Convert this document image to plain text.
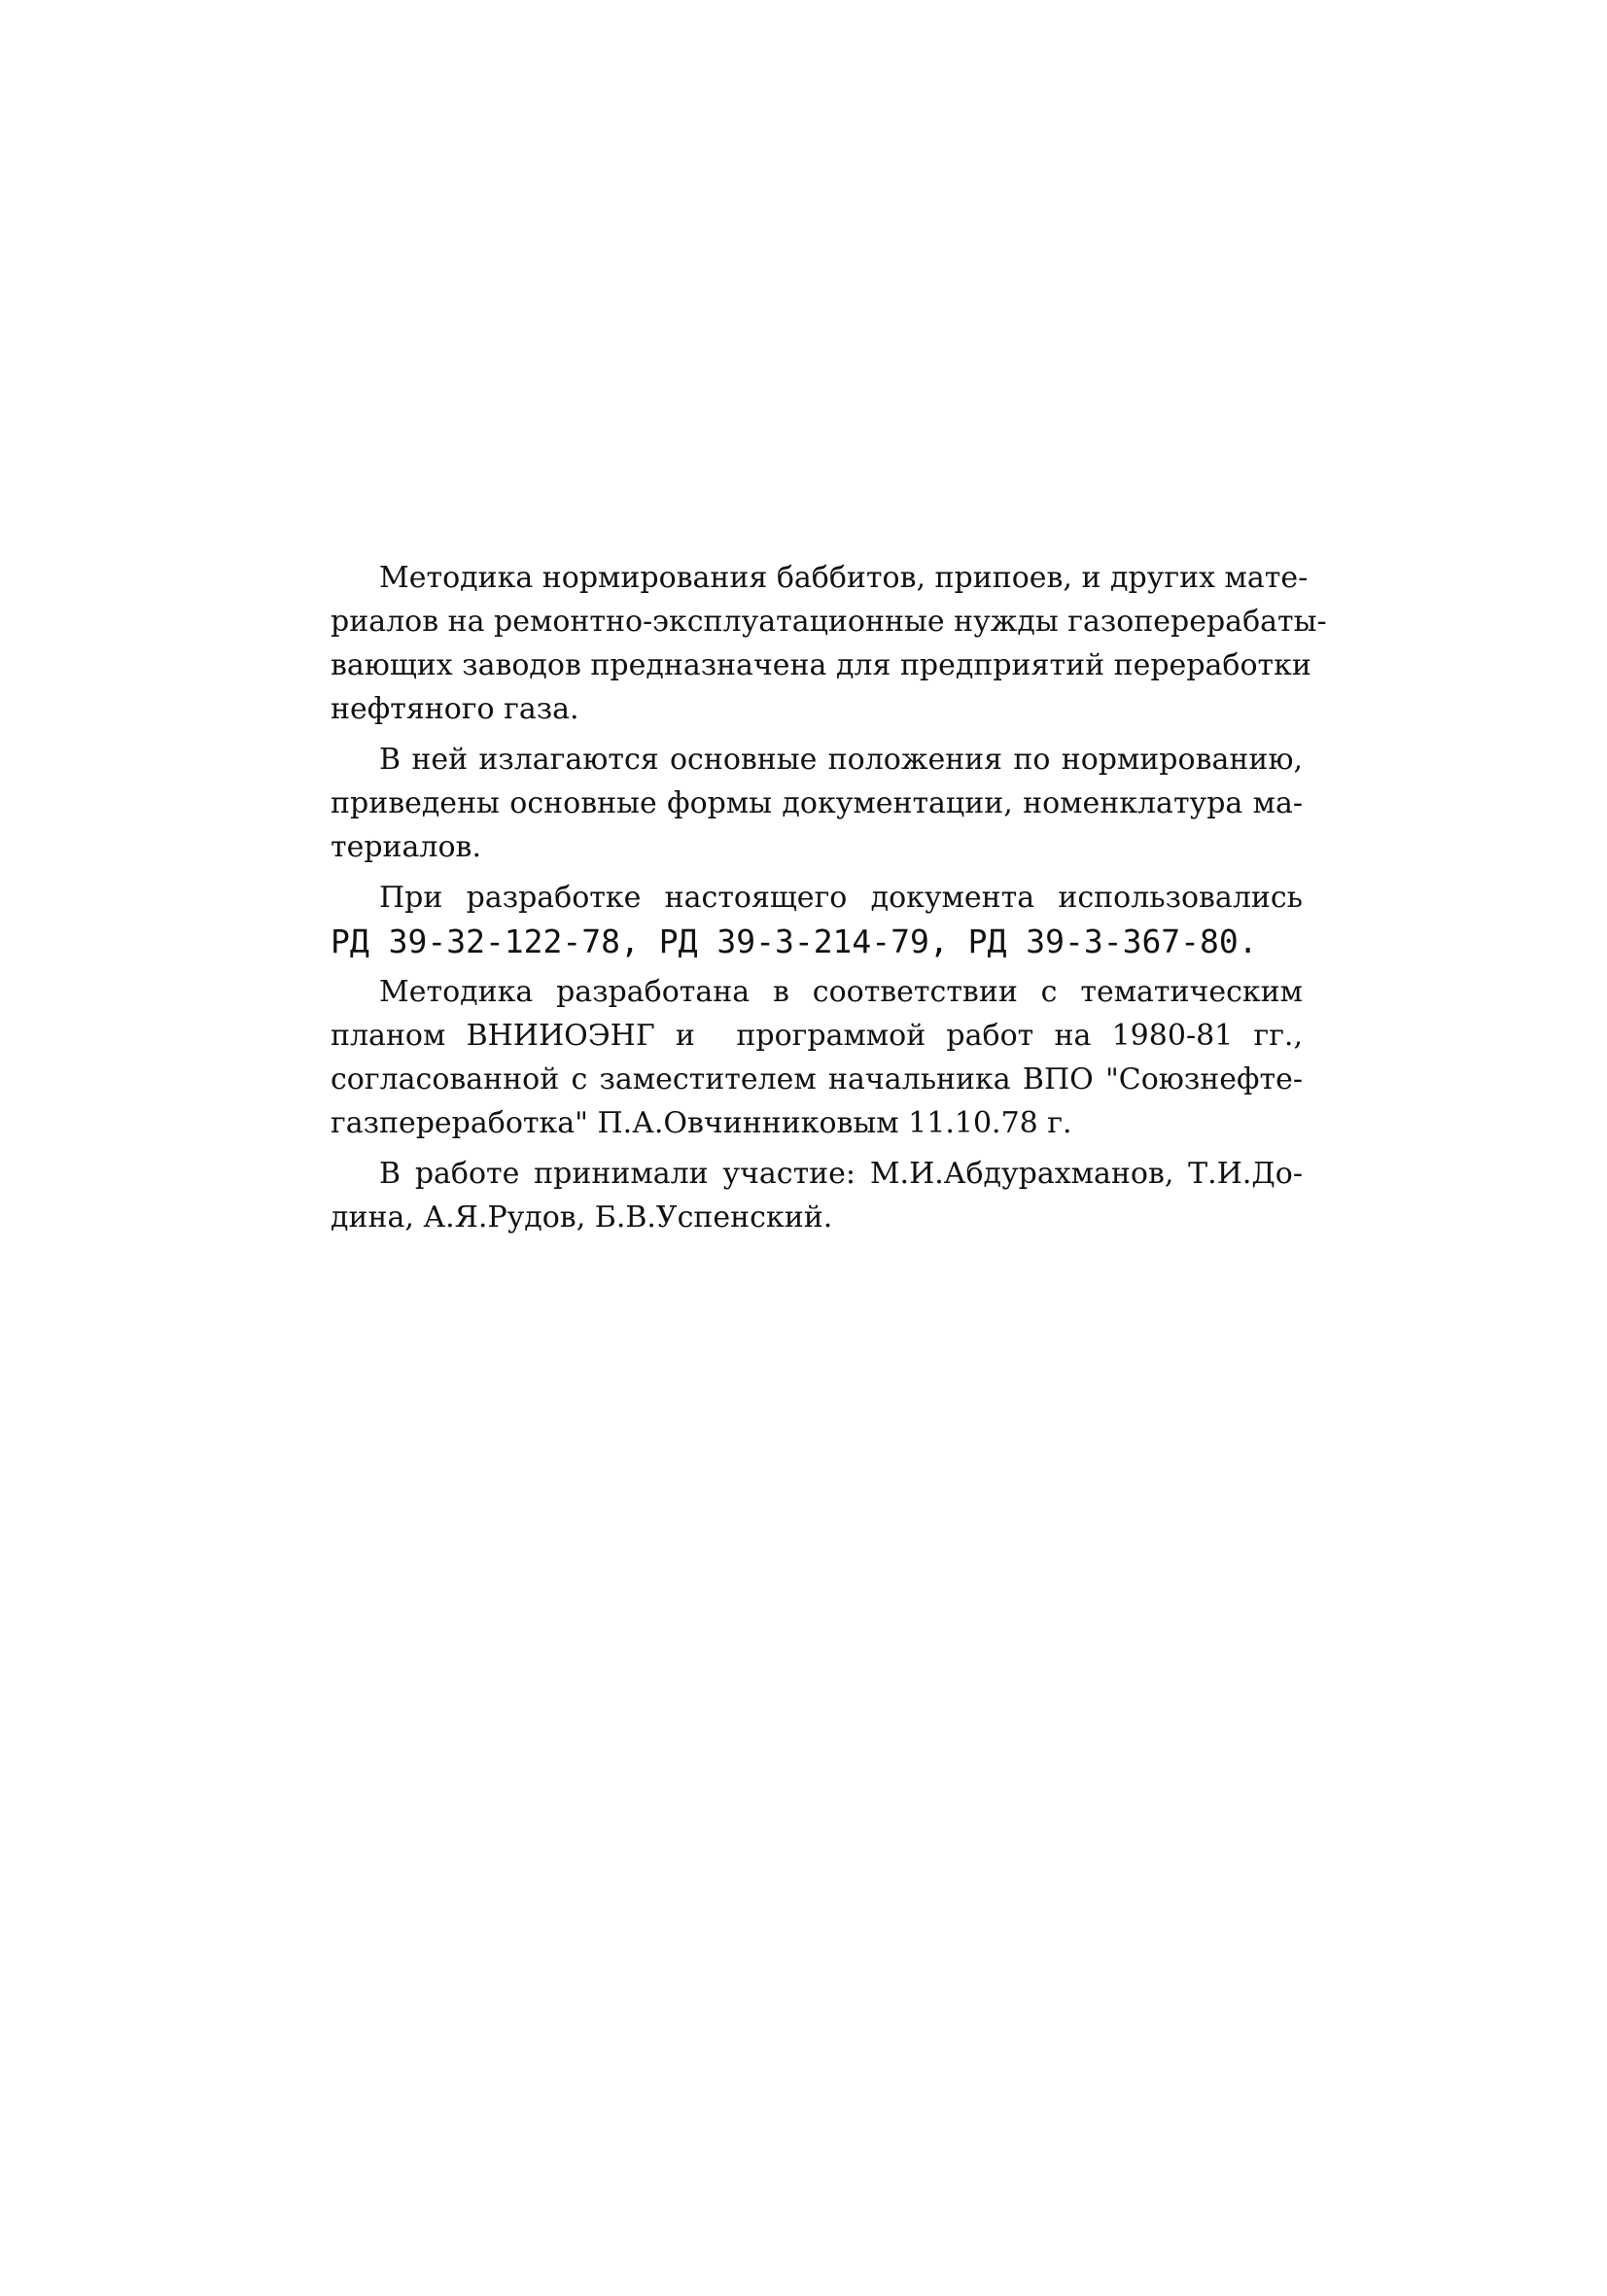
Методика нормирования баббитов, припоев, и других мате-
риалов на ремонтно-эксплуатационные нужды газоперерабаты-
вающих заводов предназначена для предприятий переработки
нефтяного газа.
В ней излагаются основные положения по нормированию,
приведены основные формы документации, номенклатура ма-
териалов.
При разработке настоящего документа использовались
РД 39-32-122-78, РД 39-3-214-79, РД 39-3-367-80.
Методика разработана в соответствии с тематическим
планом ВНИИОЭНГ и  программой работ на 1980-81 гг.,
согласованной с заместителем начальника ВПО "Союзнефте-
газпереработка" П.А.Овчинниковым 11.10.78 г.
В работе принимали участие: М.И.Абдурахманов, Т.И.До-
дина, А.Я.Рудов, Б.В.Успенский.
